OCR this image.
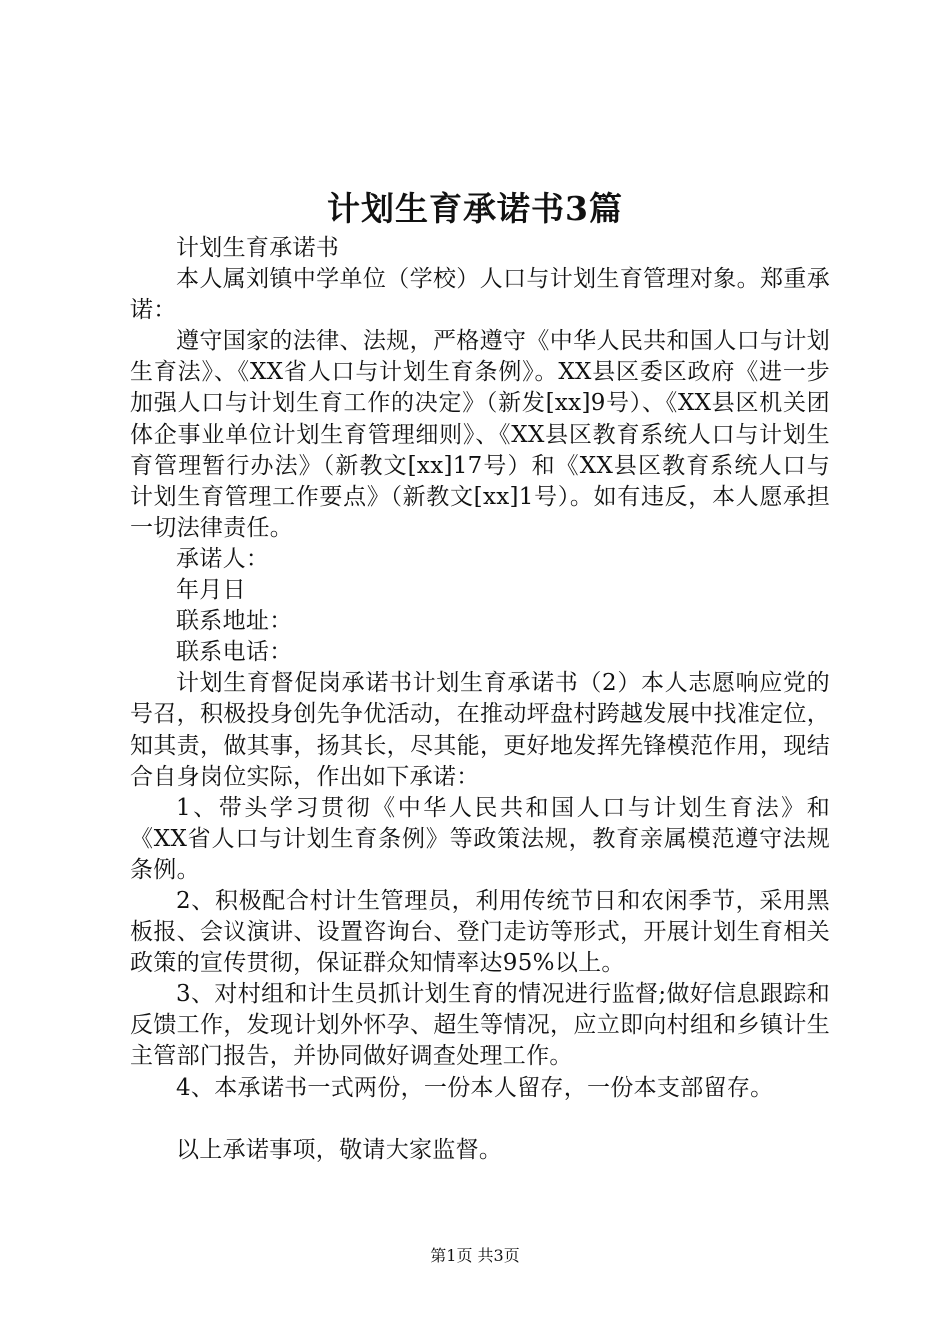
计划生育承诺书3篇

计划生育承诺书

本人属刘镇中学单位（学校）人口与计划生育管理对象。郑重承诺：

遵守国家的法律、法规，严格遵守《中华人民共和国人口与计划生育法》、《XX省人口与计划生育条例》。XX县区委区政府《进一步加强人口与计划生育工作的决定》（新发[xx]9号）、《XX县区机关团体企事业单位计划生育管理细则》、《XX县区教育系统人口与计划生育管理暂行办法》（新教文[xx]17号）和《XX县区教育系统人口与计划生育管理工作要点》（新教文[xx]1号）。如有违反，本人愿承担一切法律责任。

承诺人：

年月日

联系地址：

联系电话：

计划生育督促岗承诺书计划生育承诺书（2）本人志愿响应党的号召，积极投身创先争优活动，在推动坪盘村跨越发展中找准定位，知其责，做其事，扬其长，尽其能，更好地发挥先锋模范作用，现结合自身岗位实际，作出如下承诺：

1、带头学习贯彻《中华人民共和国人口与计划生育法》和《XX省人口与计划生育条例》等政策法规，教育亲属模范遵守法规条例。

2、积极配合村计生管理员，利用传统节日和农闲季节，采用黑板报、会议演讲、设置咨询台、登门走访等形式，开展计划生育相关政策的宣传贯彻，保证群众知情率达95%以上。

3、对村组和计生员抓计划生育的情况进行监督;做好信息跟踪和反馈工作，发现计划外怀孕、超生等情况，应立即向村组和乡镇计生主管部门报告，并协同做好调查处理工作。

4、本承诺书一式两份，一份本人留存，一份本支部留存。

以上承诺事项，敬请大家监督。

第1页 共3页
